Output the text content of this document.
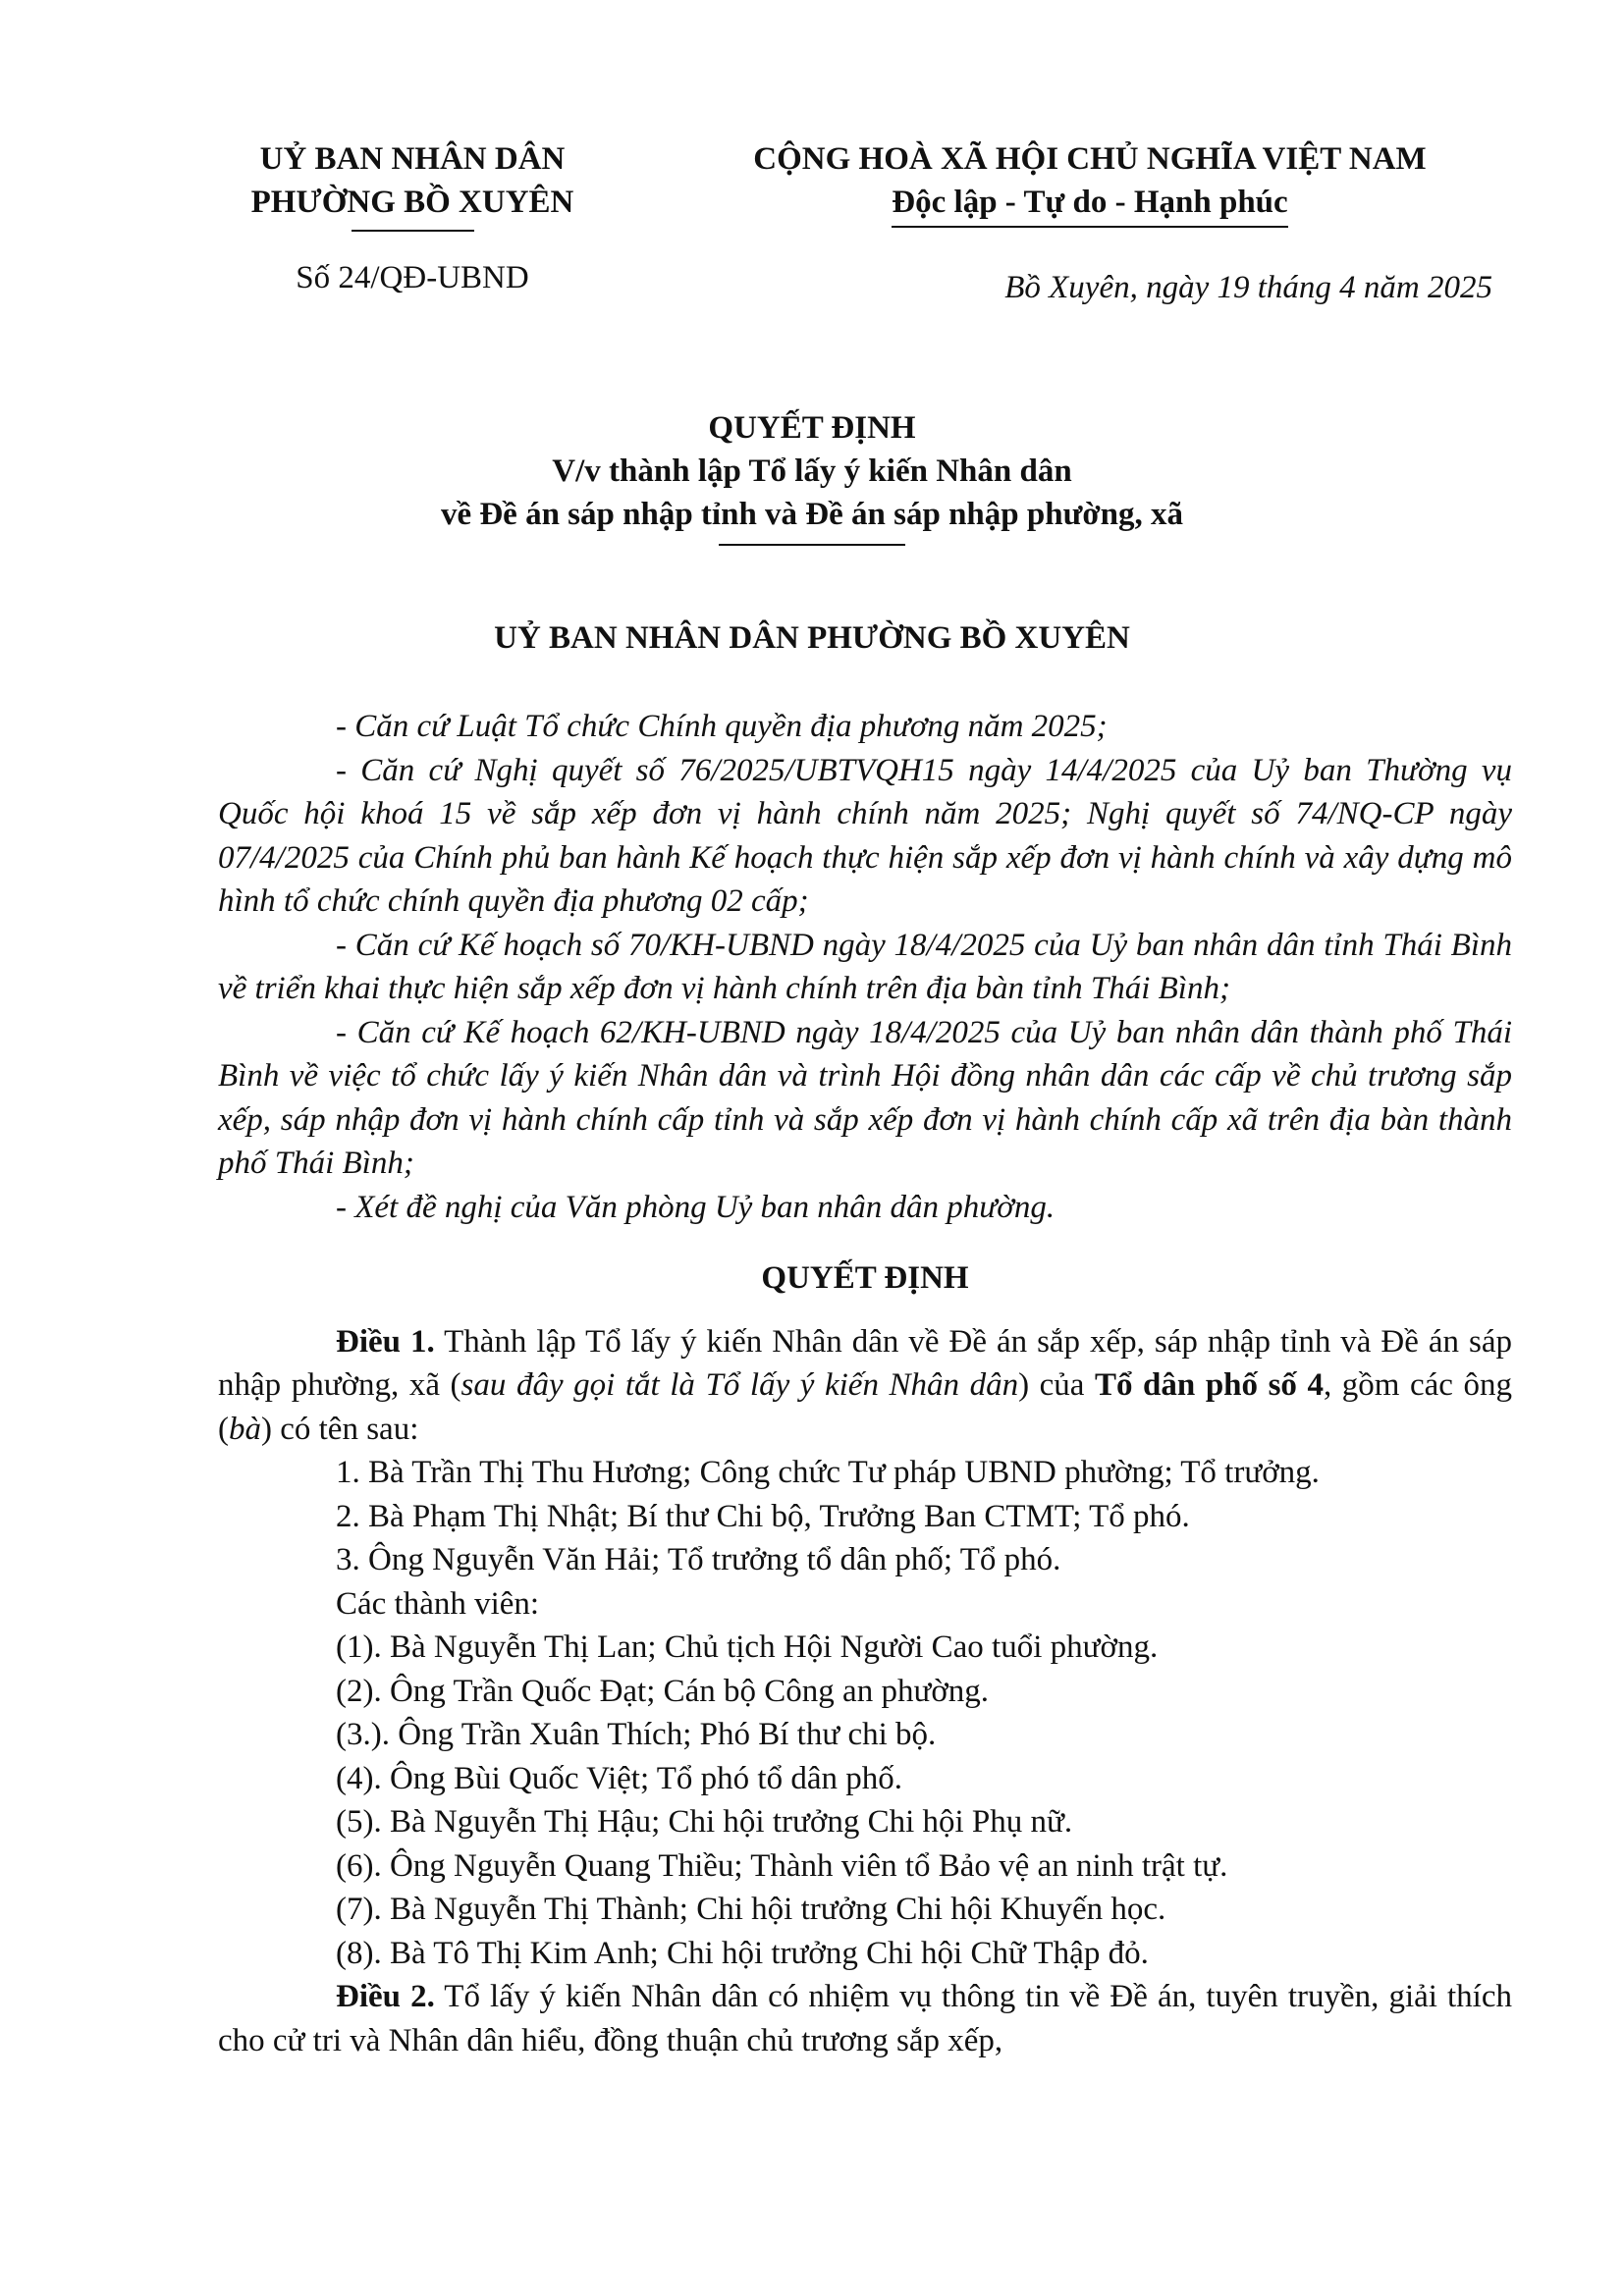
UỶ BAN NHÂN DÂN
PHƯỜNG BỒ XUYÊN
CỘNG HOÀ XÃ HỘI CHỦ NGHĨA VIỆT NAM
Độc lập - Tự do - Hạnh phúc
Số 24/QĐ-UBND	Bồ Xuyên, ngày 19 tháng 4 năm 2025
QUYẾT ĐỊNH
V/v thành lập Tổ lấy ý kiến Nhân dân
về Đề án sáp nhập tỉnh và Đề án sáp nhập phường, xã
UỶ BAN NHÂN DÂN PHƯỜNG BỒ XUYÊN

- Căn cứ Luật Tổ chức Chính quyền địa phương năm 2025;

- Căn cứ Nghị quyết số 76/2025/UBTVQH15 ngày 14/4/2025 của Uỷ ban Thường vụ Quốc hội khoá 15 về sắp xếp đơn vị hành chính năm 2025; Nghị quyết số 74/NQ-CP ngày 07/4/2025 của Chính phủ ban hành Kế hoạch thực hiện sắp xếp đơn vị hành chính và xây dựng mô hình tổ chức chính quyền địa phương 02 cấp;

- Căn cứ Kế hoạch số 70/KH-UBND ngày 18/4/2025 của Uỷ ban nhân dân tỉnh Thái Bình về triển khai thực hiện sắp xếp đơn vị hành chính trên địa bàn tỉnh Thái Bình;

- Căn cứ Kế hoạch 62/KH-UBND ngày 18/4/2025 của Uỷ ban nhân dân thành phố Thái Bình về việc tổ chức lấy ý kiến Nhân dân và trình Hội đồng nhân dân các cấp về chủ trương sắp xếp, sáp nhập đơn vị hành chính cấp tỉnh và sắp xếp đơn vị hành chính cấp xã trên địa bàn thành phố Thái Bình;

- Xét đề nghị của Văn phòng Uỷ ban nhân dân phường.

QUYẾT ĐỊNH

Điều 1. Thành lập Tổ lấy ý kiến Nhân dân về Đề án sắp xếp, sáp nhập tỉnh và Đề án sáp nhập phường, xã (sau đây gọi tắt là Tổ lấy ý kiến Nhân dân) của Tổ dân phố số 4, gồm các ông (bà) có tên sau:

1. Bà Trần Thị Thu Hương; Công chức Tư pháp UBND phường; Tổ trưởng.

2. Bà Phạm Thị Nhật; Bí thư Chi bộ, Trưởng Ban CTMT; Tổ phó.

3. Ông Nguyễn Văn Hải; Tổ trưởng tổ dân phố; Tổ phó.

Các thành viên:

(1). Bà Nguyễn Thị Lan; Chủ tịch Hội Người Cao tuổi phường.

(2). Ông Trần Quốc Đạt; Cán bộ Công an phường.

(3.). Ông Trần Xuân Thích; Phó Bí thư chi bộ.

(4). Ông Bùi Quốc Việt; Tổ phó tổ dân phố.

(5). Bà Nguyễn Thị Hậu; Chi hội trưởng Chi hội Phụ nữ.

(6). Ông Nguyễn Quang Thiều; Thành viên tổ Bảo vệ an ninh trật tự.

(7). Bà Nguyễn Thị Thành; Chi hội trưởng Chi hội Khuyến học.

(8). Bà Tô Thị Kim Anh; Chi hội trưởng Chi hội Chữ Thập đỏ.

Điều 2. Tổ lấy ý kiến Nhân dân có nhiệm vụ thông tin về Đề án, tuyên truyền, giải thích cho cử tri và Nhân dân hiểu, đồng thuận chủ trương sắp xếp,
